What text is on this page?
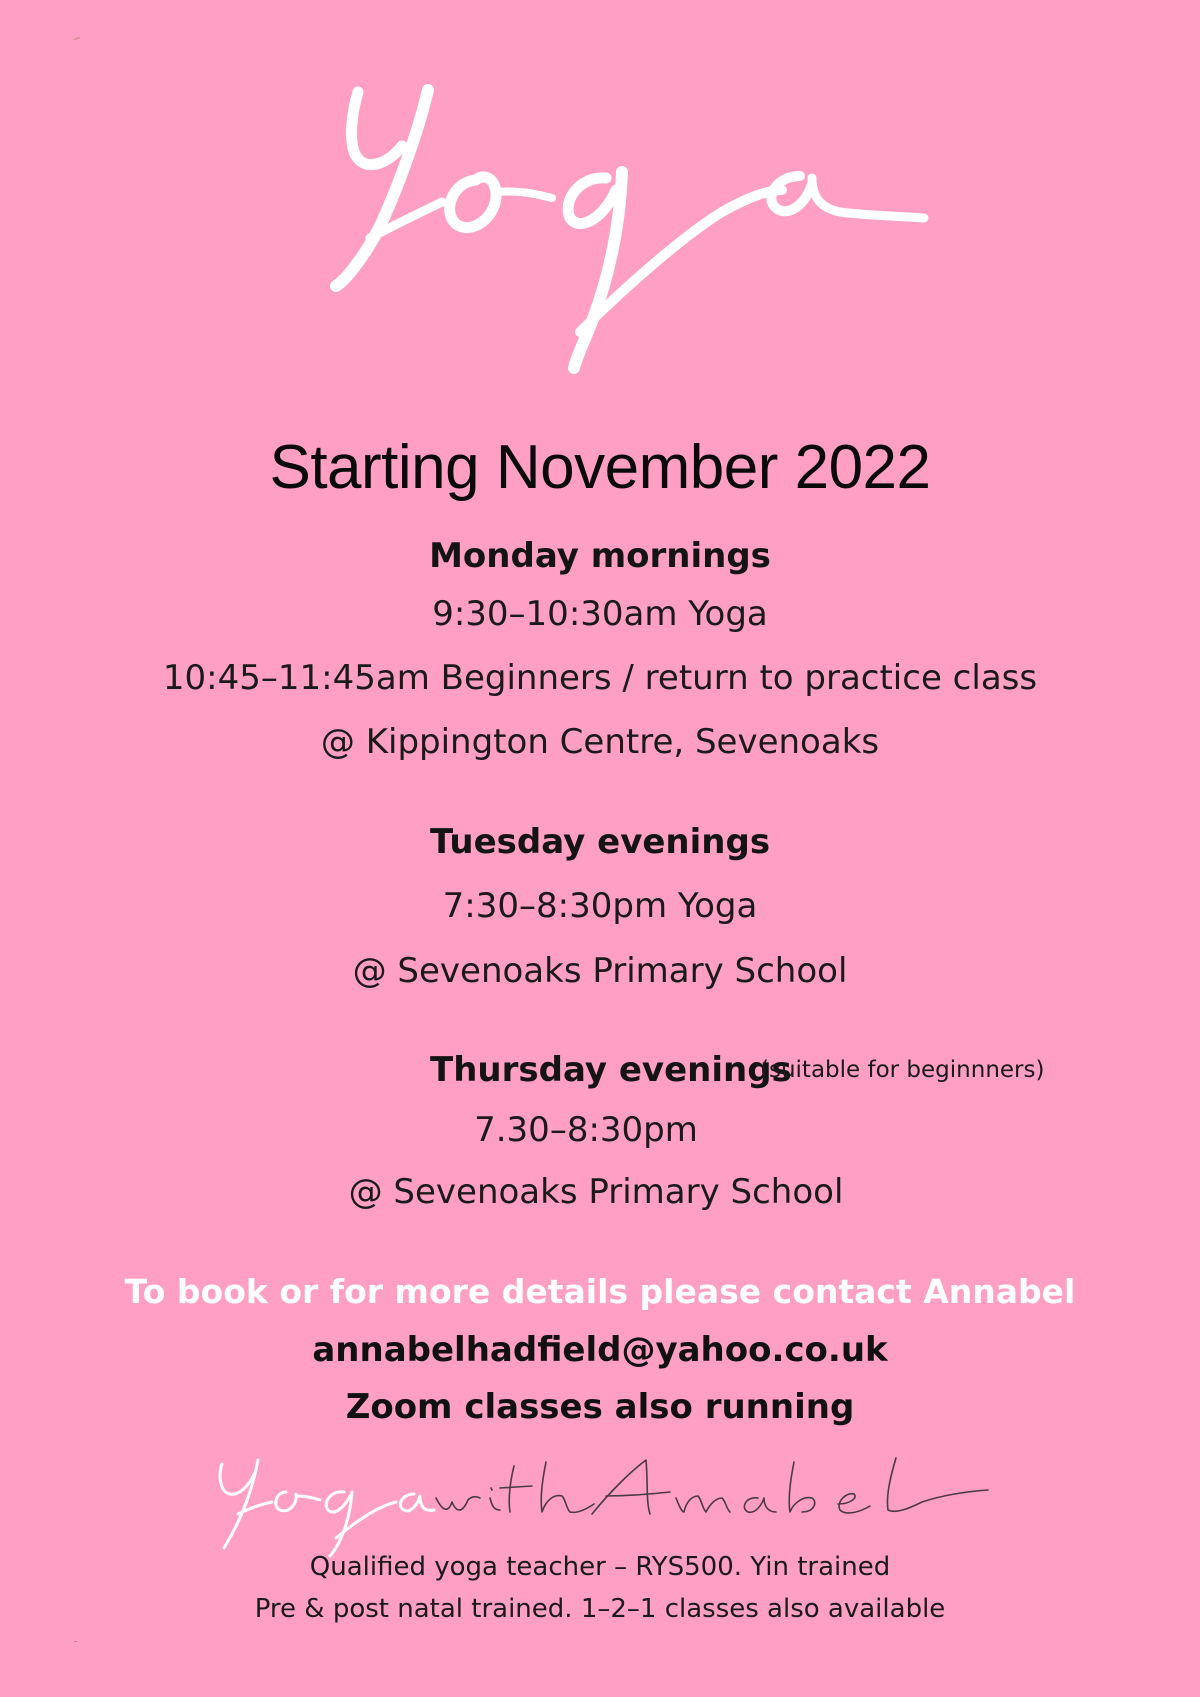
Starting November 2022
Monday mornings
9:30–10:30am Yoga
10:45–11:45am Beginners / return to practice class
@ Kippington Centre, Sevenoaks
Tuesday evenings
7:30–8:30pm Yoga
@ Sevenoaks Primary School
Thursday evenings
(suitable for beginnners)
7.30–8:30pm
@ Sevenoaks Primary School
To book or for more details please contact Annabel
annabelhadfield@yahoo.co.uk
Zoom classes also running
Qualified yoga teacher – RYS500. Yin trained
Pre & post natal trained. 1–2–1 classes also available
